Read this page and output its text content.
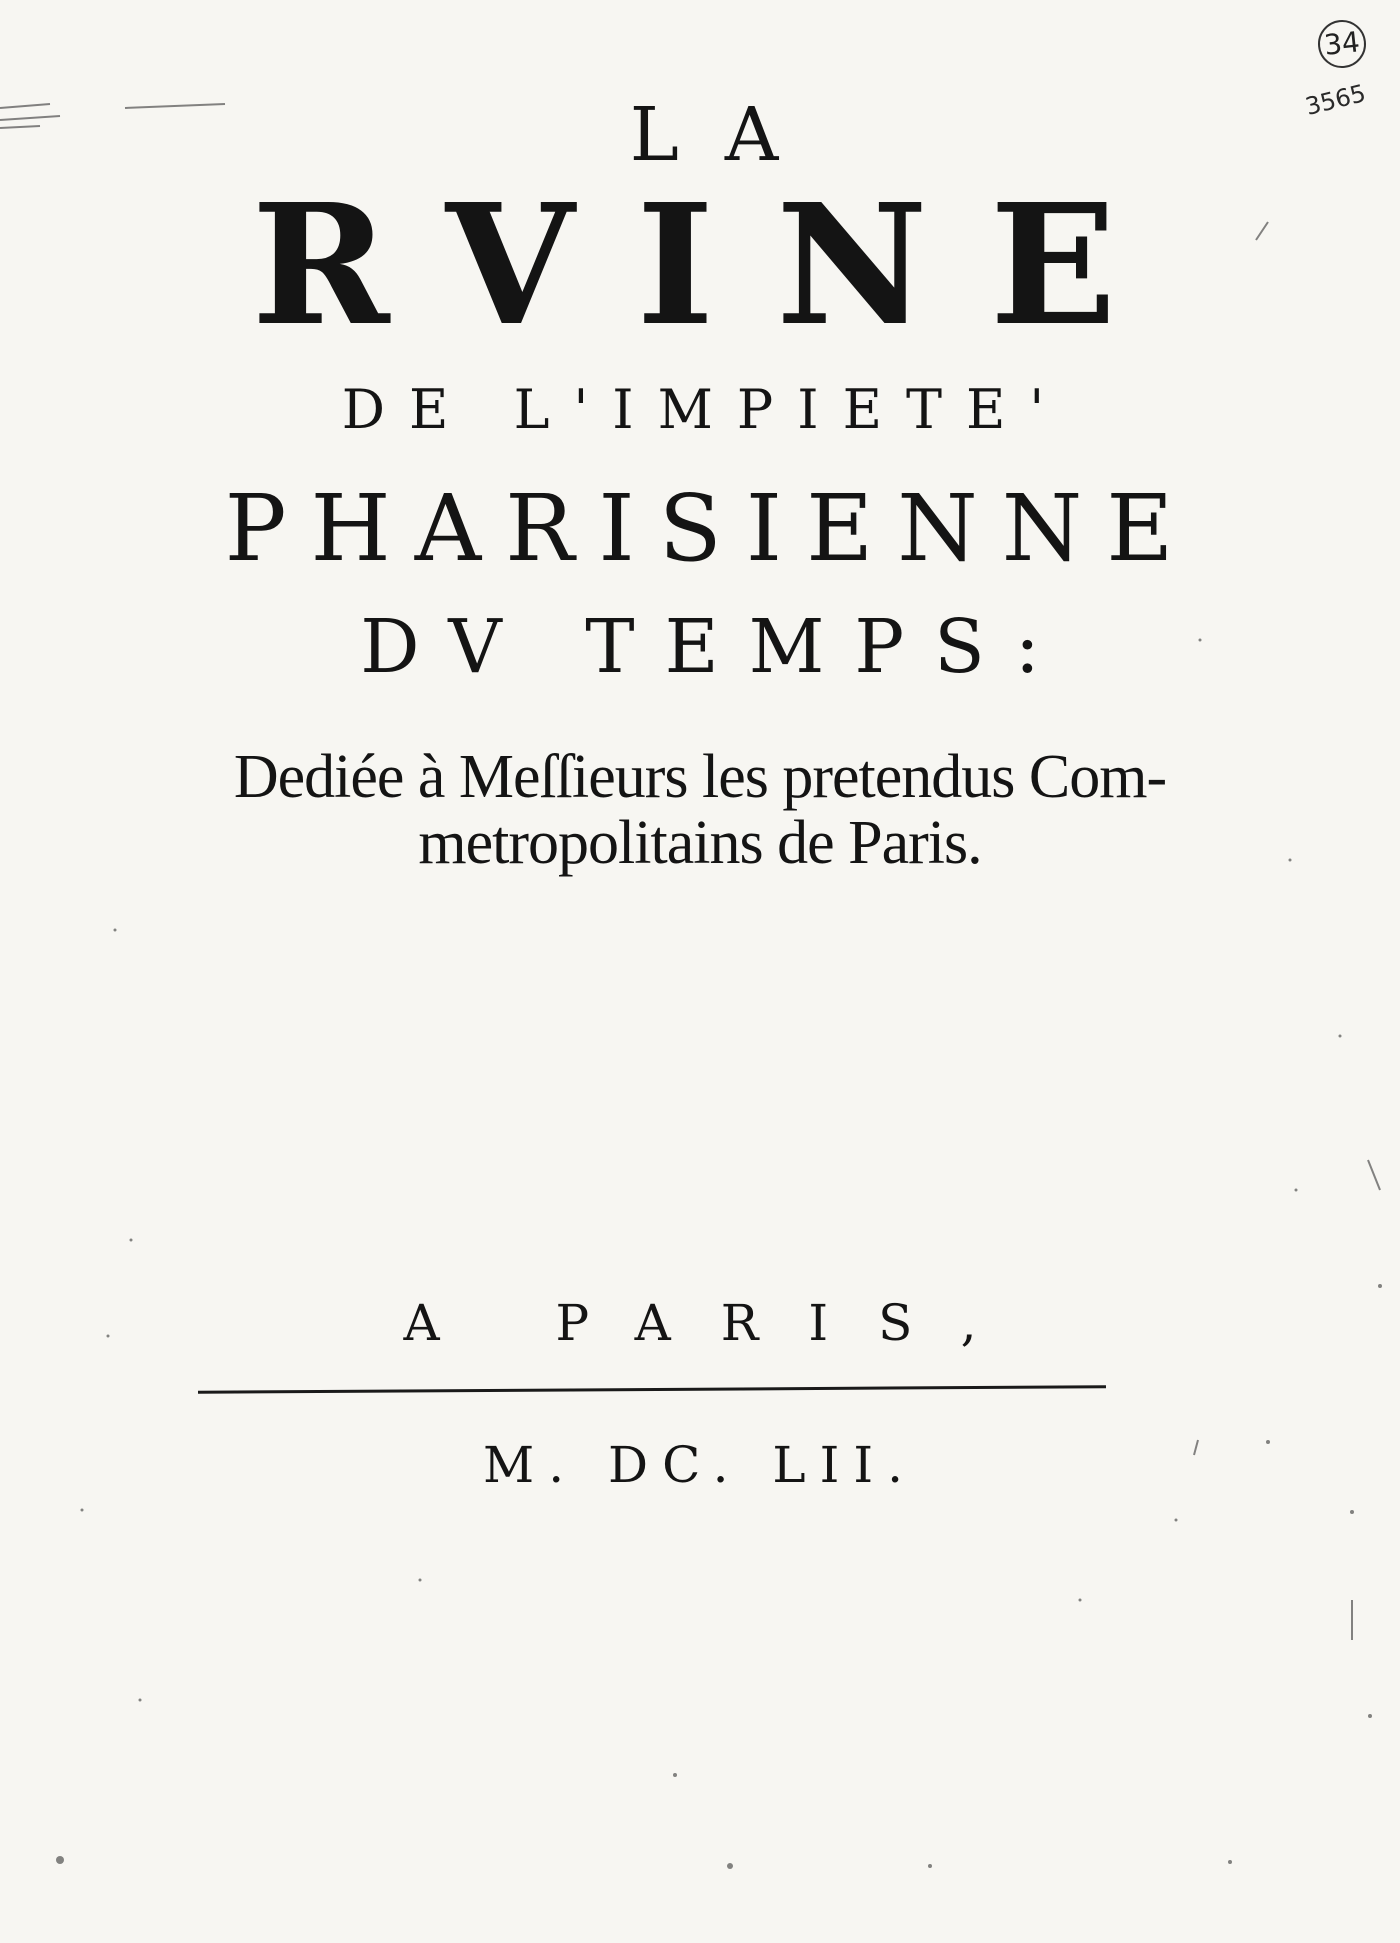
34
3565
LA
RVINE
DE L'IMPIETE'
PHARISIENNE
DV TEMPS:
Dediée à Meſſieurs les pretendus Com-
metropolitains de Paris.
A PARIS,
M. DC. LII.
